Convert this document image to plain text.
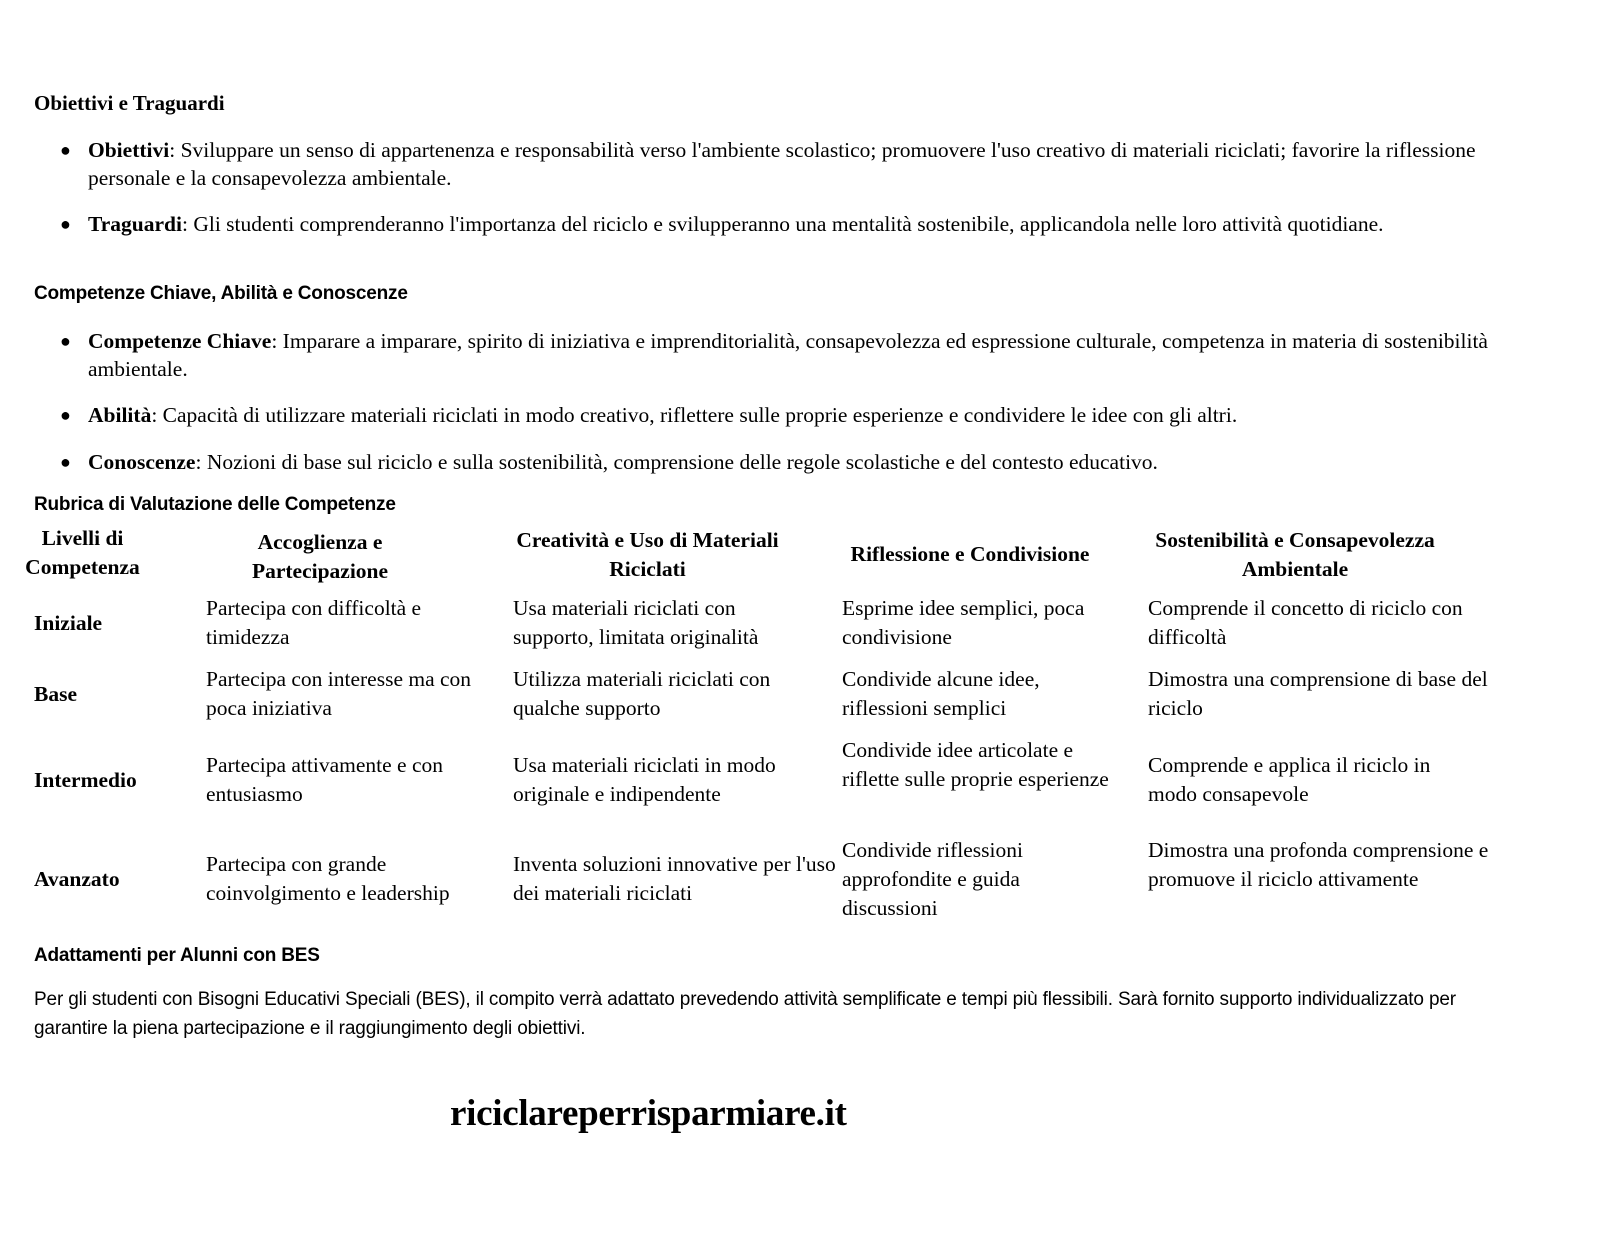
Obiettivi e Traguardi
● Obiettivi: Sviluppare un senso di appartenenza e responsabilità verso l'ambiente scolastico; promuovere l'uso creativo di materiali riciclati; favorire la riflessione personale e la consapevolezza ambientale.
● Traguardi: Gli studenti comprenderanno l'importanza del riciclo e svilupperanno una mentalità sostenibile, applicandola nelle loro attività quotidiane.
Competenze Chiave, Abilità e Conoscenze
● Competenze Chiave: Imparare a imparare, spirito di iniziativa e imprenditorialità, consapevolezza ed espressione culturale, competenza in materia di sostenibilità ambientale.
● Abilità: Capacità di utilizzare materiali riciclati in modo creativo, riflettere sulle proprie esperienze e condividere le idee con gli altri.
● Conoscenze: Nozioni di base sul riciclo e sulla sostenibilità, comprensione delle regole scolastiche e del contesto educativo.
Rubrica di Valutazione delle Competenze
Livelli di Competenza
Accoglienza e Partecipazione
Creatività e Uso di Materiali Riciclati
Riflessione e Condivisione
Sostenibilità e Consapevolezza Ambientale
Iniziale
Partecipa con difficoltà e timidezza
Usa materiali riciclati con supporto, limitata originalità
Esprime idee semplici, poca condivisione
Comprende il concetto di riciclo con difficoltà
Base
Partecipa con interesse ma con poca iniziativa
Utilizza materiali riciclati con qualche supporto
Condivide alcune idee, riflessioni semplici
Dimostra una comprensione di base del riciclo
Intermedio
Partecipa attivamente e con entusiasmo
Usa materiali riciclati in modo originale e indipendente
Condivide idee articolate e riflette sulle proprie esperienze
Comprende e applica il riciclo in modo consapevole
Avanzato
Partecipa con grande coinvolgimento e leadership
Inventa soluzioni innovative per l'uso dei materiali riciclati
Condivide riflessioni approfondite e guida discussioni
Dimostra una profonda comprensione e promuove il riciclo attivamente
Adattamenti per Alunni con BES

Per gli studenti con Bisogni Educativi Speciali (BES), il compito verrà adattato prevedendo attività semplificate e tempi più flessibili. Sarà fornito supporto individualizzato per garantire la piena partecipazione e il raggiungimento degli obiettivi.

riciclareperrisparmiare.it
